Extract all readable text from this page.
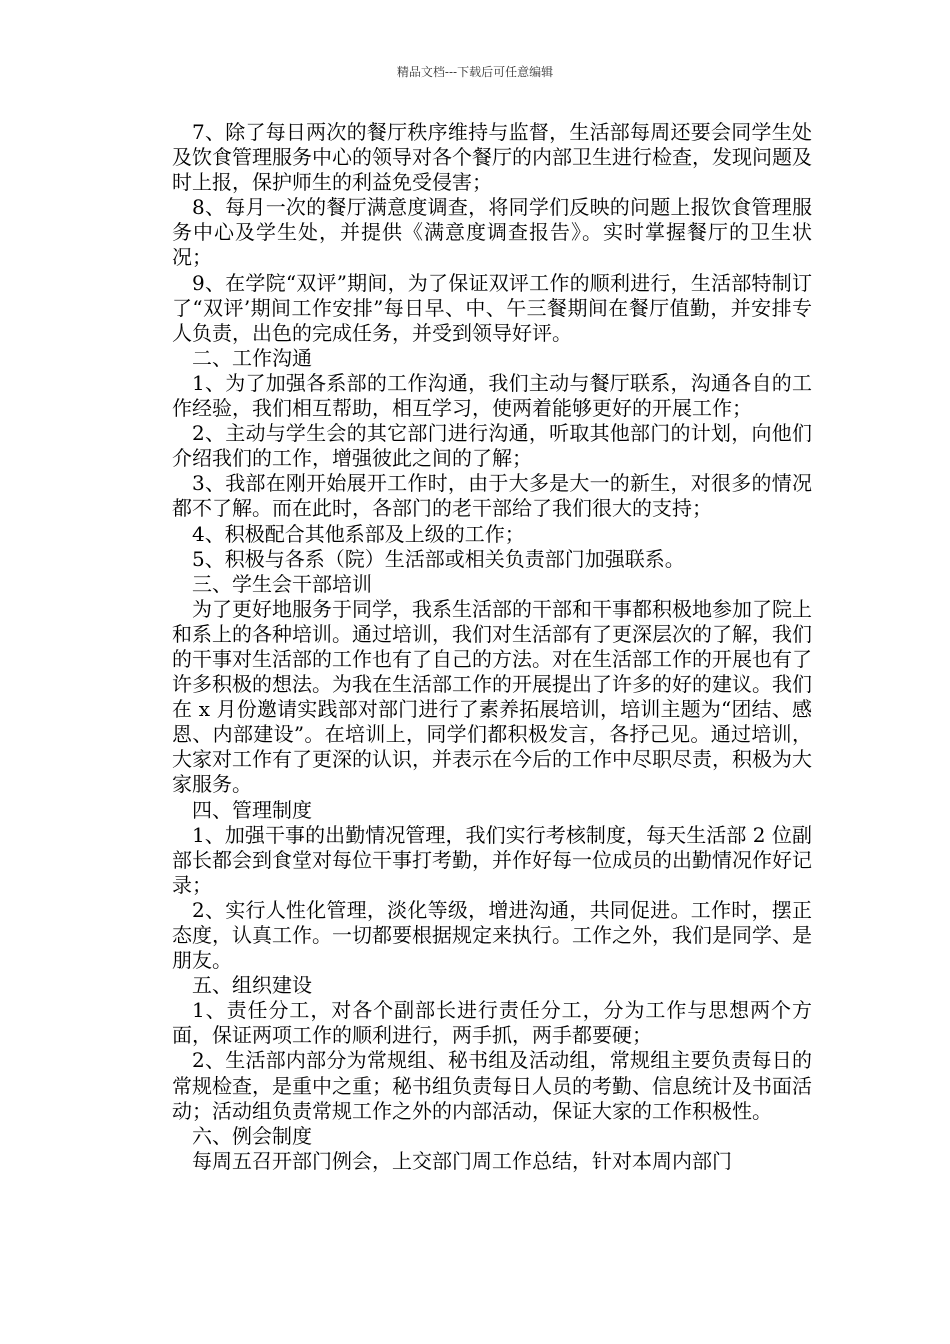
精品文档---下载后可任意编辑

7、除了每日两次的餐厅秩序维持与监督，生活部每周还要会同学生处及饮食管理服务中心的领导对各个餐厅的内部卫生进行检查，发现问题及时上报，保护师生的利益免受侵害；

8、每月一次的餐厅满意度调查，将同学们反映的问题上报饮食管理服务中心及学生处，并提供《满意度调查报告》。实时掌握餐厅的卫生状况；

9、在学院“双评”期间，为了保证双评工作的顺利进行，生活部特制订了“双评’期间工作安排”每日早、中、午三餐期间在餐厅值勤，并安排专人负责，出色的完成任务，并受到领导好评。

二、工作沟通

1、为了加强各系部的工作沟通，我们主动与餐厅联系，沟通各自的工作经验，我们相互帮助，相互学习，使两着能够更好的开展工作；

2、主动与学生会的其它部门进行沟通，听取其他部门的计划，向他们介绍我们的工作，增强彼此之间的了解；

3、我部在刚开始展开工作时，由于大多是大一的新生，对很多的情况都不了解。而在此时，各部门的老干部给了我们很大的支持；

4、积极配合其他系部及上级的工作；

5、积极与各系（院）生活部或相关负责部门加强联系。

三、学生会干部培训

为了更好地服务于同学，我系生活部的干部和干事都积极地参加了院上和系上的各种培训。通过培训，我们对生活部有了更深层次的了解，我们的干事对生活部的工作也有了自己的方法。对在生活部工作的开展也有了许多积极的想法。为我在生活部工作的开展提出了许多的好的建议。我们在 x 月份邀请实践部对部门进行了素养拓展培训，培训主题为“团结、感恩、内部建设”。在培训上，同学们都积极发言，各抒己见。通过培训，大家对工作有了更深的认识，并表示在今后的工作中尽职尽责，积极为大家服务。

四、管理制度

1、加强干事的出勤情况管理，我们实行考核制度，每天生活部 2 位副部长都会到食堂对每位干事打考勤，并作好每一位成员的出勤情况作好记录；

2、实行人性化管理，淡化等级，增进沟通，共同促进。工作时，摆正态度，认真工作。一切都要根据规定来执行。工作之外，我们是同学、是朋友。

五、组织建设

1、责任分工，对各个副部长进行责任分工，分为工作与思想两个方面，保证两项工作的顺利进行，两手抓，两手都要硬；

2、生活部内部分为常规组、秘书组及活动组，常规组主要负责每日的常规检查，是重中之重；秘书组负责每日人员的考勤、信息统计及书面活动；活动组负责常规工作之外的内部活动，保证大家的工作积极性。

六、例会制度

每周五召开部门例会，上交部门周工作总结，针对本周内部门
